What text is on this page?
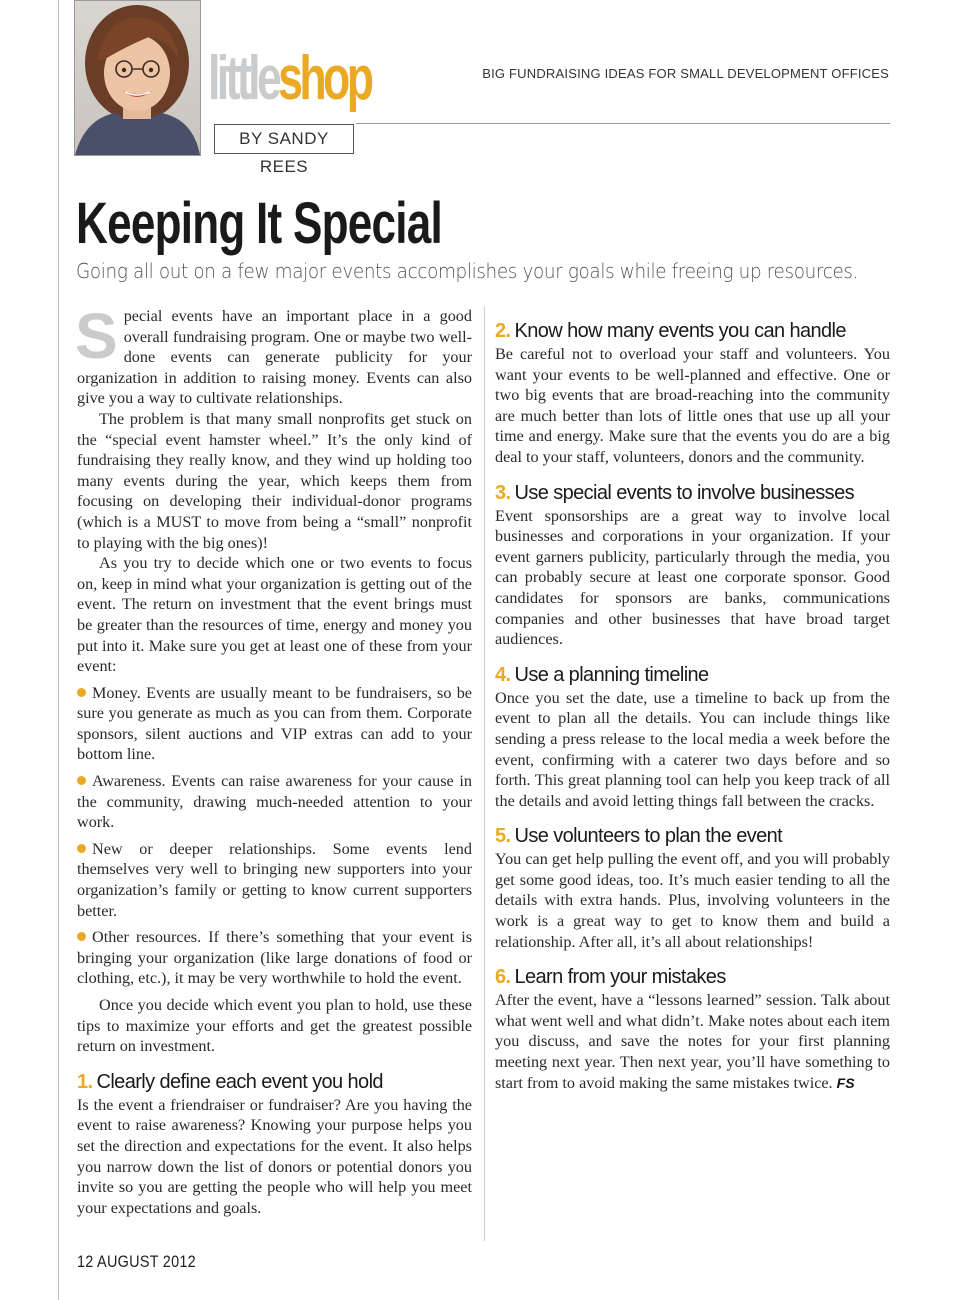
littleshop
BY SANDY REES
BIG FUNDRAISING IDEAS FOR SMALL DEVELOPMENT OFFICES
Keeping It Special
Going all out on a few major events accomplishes your goals while freeing up resources.

Special events have an important place in a good overall fundraising program. One or maybe two well-done events can generate publicity for your organization in addition to raising money. Events can also give you a way to cultivate relationships.

The problem is that many small nonprofits get stuck on the “special event hamster wheel.” It’s the only kind of fundraising they really know, and they wind up holding too many events during the year, which keeps them from focusing on developing their individual-donor programs (which is a MUST to move from being a “small” nonprofit to playing with the big ones)!

As you try to decide which one or two events to focus on, keep in mind what your organization is getting out of the event. The return on investment that the event brings must be greater than the resources of time, energy and money you put into it. Make sure you get at least one of these from your event:

Money. Events are usually meant to be fundraisers, so be sure you generate as much as you can from them. Corporate sponsors, silent auctions and VIP extras can add to your bottom line.

Awareness. Events can raise awareness for your cause in the community, drawing much-needed attention to your work.

New or deeper relationships. Some events lend themselves very well to bringing new supporters into your organization’s family or getting to know current supporters better.

Other resources. If there’s something that your event is bringing your organization (like large donations of food or clothing, etc.), it may be very worthwhile to hold the event.

Once you decide which event you plan to hold, use these tips to maximize your efforts and get the greatest possible return on investment.

1. Clearly define each event you hold

Is the event a friendraiser or fundraiser? Are you having the event to raise awareness? Knowing your purpose helps you set the direction and expectations for the event. It also helps you narrow down the list of donors or potential donors you invite so you are getting the people who will help you meet your expectations and goals.

2. Know how many events you can handle

Be careful not to overload your staff and volunteers. You want your events to be well-planned and effective. One or two big events that are broad-reaching into the community are much better than lots of little ones that use up all your time and energy. Make sure that the events you do are a big deal to your staff, volunteers, donors and the community.

3. Use special events to involve businesses

Event sponsorships are a great way to involve local businesses and corporations in your organization. If your event garners publicity, particularly through the media, you can probably secure at least one corporate sponsor. Good candidates for sponsors are banks, communications companies and other businesses that have broad target audiences.

4. Use a planning timeline

Once you set the date, use a timeline to back up from the event to plan all the details. You can include things like sending a press release to the local media a week before the event, confirming with a caterer two days before and so forth. This great planning tool can help you keep track of all the details and avoid letting things fall between the cracks.

5. Use volunteers to plan the event

You can get help pulling the event off, and you will probably get some good ideas, too. It’s much easier tending to all the details with extra hands. Plus, involving volunteers in the work is a great way to get to know them and build a relationship. After all, it’s all about relationships!

6. Learn from your mistakes

After the event, have a “lessons learned” session. Talk about what went well and what didn’t. Make notes about each item you discuss, and save the notes for your first planning meeting next year. Then next year, you’ll have something to start from to avoid making the same mistakes twice. FS

12 AUGUST 2012
